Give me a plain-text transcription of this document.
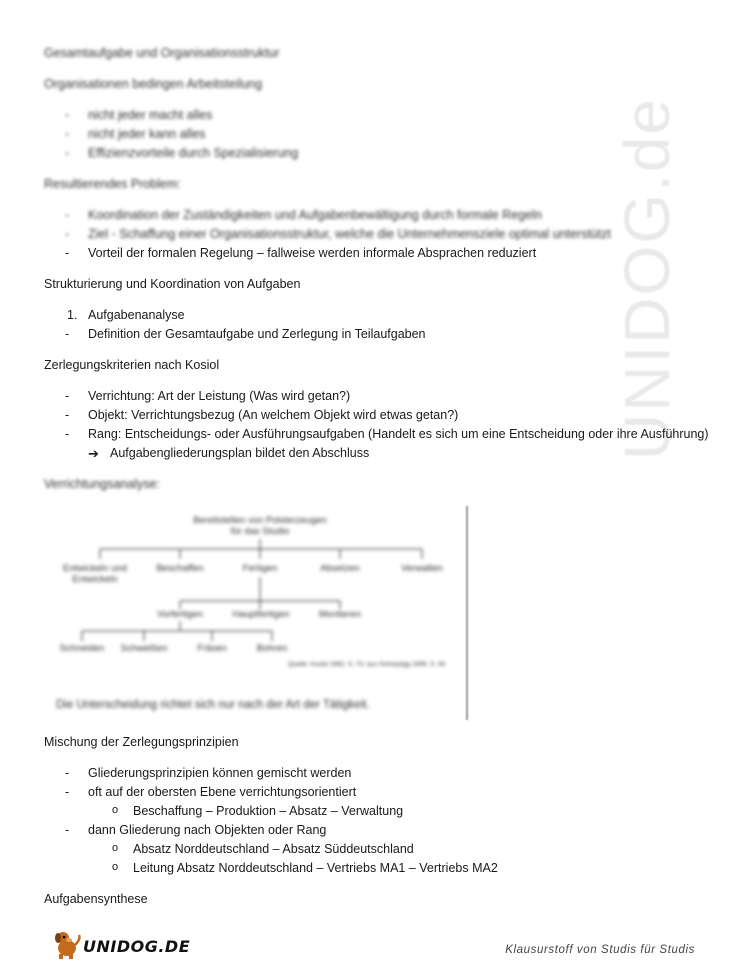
UNIDOG.de
Gesamtaufgabe und Organisationsstruktur
Organisationen bedingen Arbeitsteilung
- nicht jeder macht alles
- nicht jeder kann alles
- Effizienzvorteile durch Spezialisierung
Resultierendes Problem:
- Koordination der Zuständigkeiten und Aufgabenbewältigung durch formale Regeln
- Ziel - Schaffung einer Organisationsstruktur, welche die Unternehmensziele optimal unterstützt
- Vorteil der formalen Regelung – fallweise werden informale Absprachen reduziert
Strukturierung und Koordination von Aufgaben
1. Aufgabenanalyse
- Definition der Gesamtaufgabe und Zerlegung in Teilaufgaben
Zerlegungskriterien nach Kosiol
- Verrichtung: Art der Leistung (Was wird getan?)
- Objekt: Verrichtungsbezug (An welchem Objekt wird etwas getan?)
- Rang: Entscheidungs- oder Ausführungsaufgaben (Handelt es sich um eine Entscheidung oder ihre Ausführung)
➔ Aufgabengliederungsplan bildet den Abschluss
Verrichtungsanalyse:
Bereitstellen von Polsterzeugen
für das Studio
Entwickeln und Entwickeln
Beschaffen	Fertigen	Absetzen	Verwalten
Vorfertigen	Hauptfertigen	Montieren
Schneiden	Schweißen	Fräsen	Bohren
Quelle: Kosiol 1962, S. 70; aus Schreyögg 1999, S. 94
Die Unterscheidung richtet sich nur nach der Art der Tätigkeit.
Mischung der Zerlegungsprinzipien
- Gliederungsprinzipien können gemischt werden
- oft auf der obersten Ebene verrichtungsorientiert
o Beschaffung – Produktion – Absatz – Verwaltung
- dann Gliederung nach Objekten oder Rang
o Absatz Norddeutschland – Absatz Süddeutschland
o Leitung Absatz Norddeutschland – Vertriebs MA1 – Vertriebs MA2
Aufgabensynthese
UNIDOG.DE	Klausurstoff von Studis für Studis
